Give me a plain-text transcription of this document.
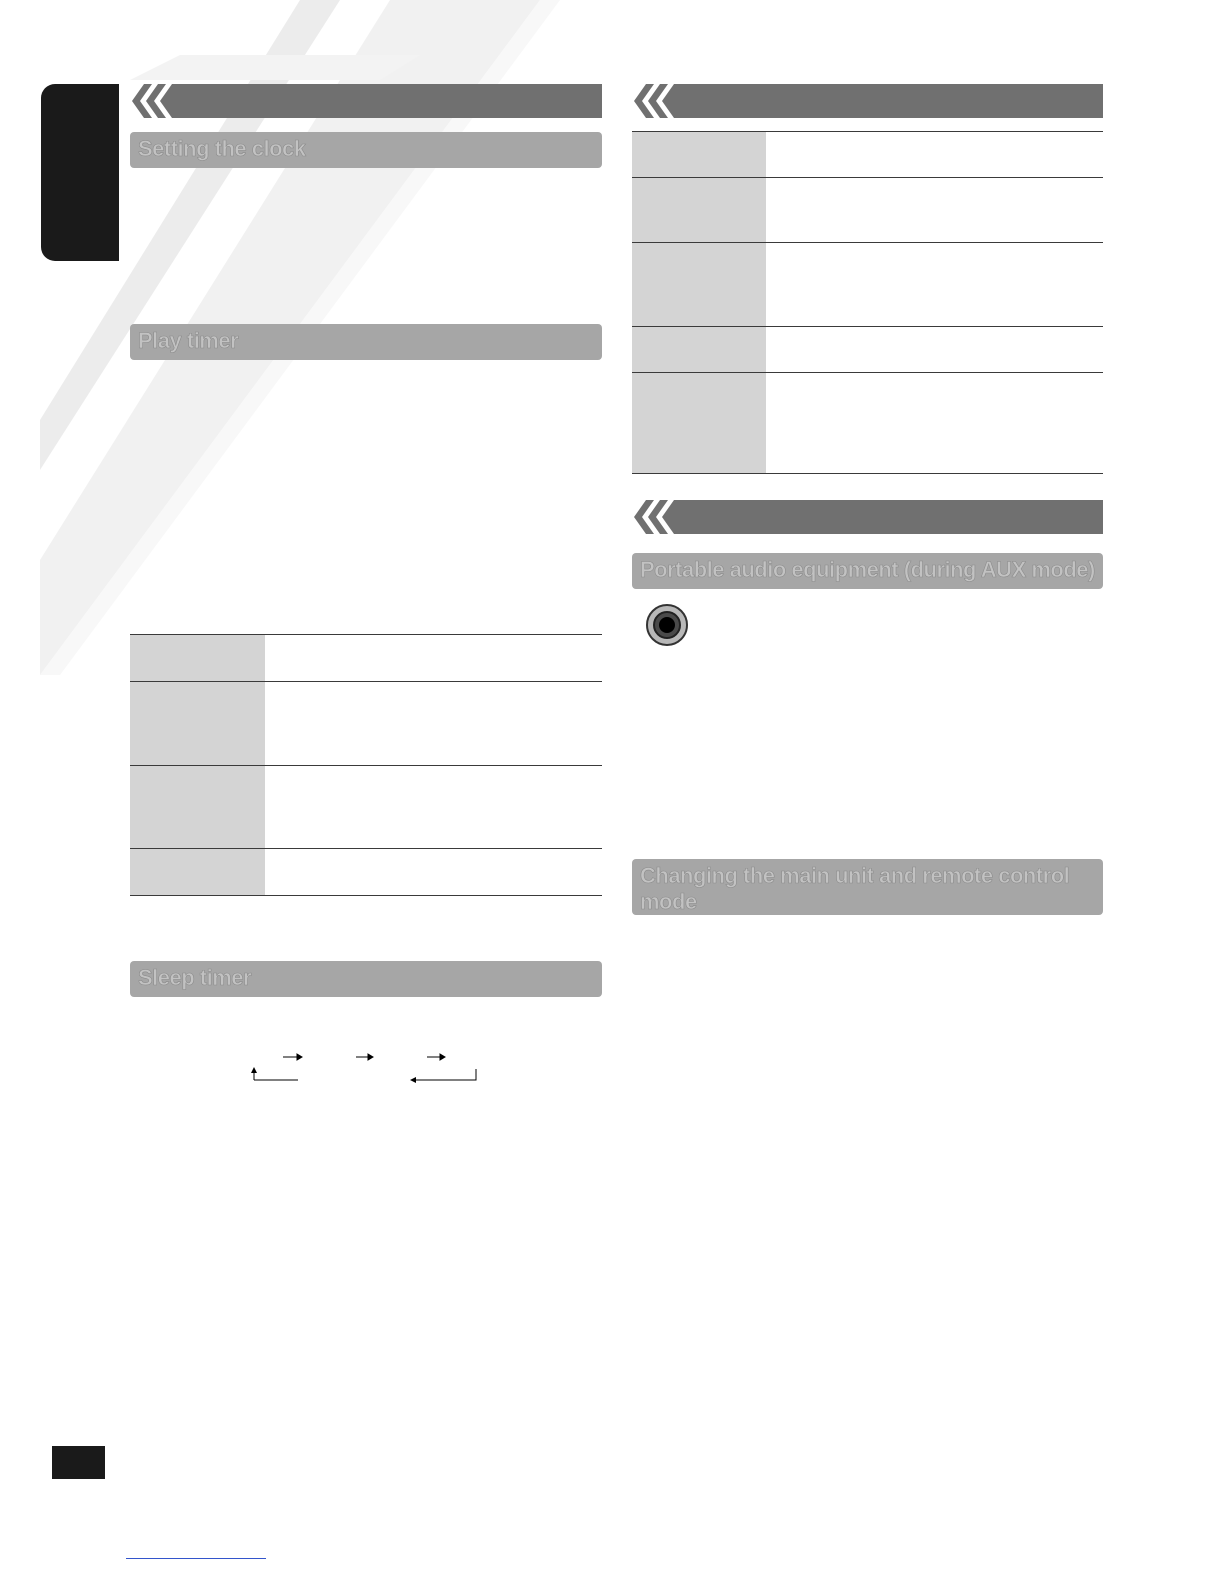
Setting the clock
Play timer

Sleep timer

Portable audio equipment (during AUX mode)
Changing the main unit and remote control mode
